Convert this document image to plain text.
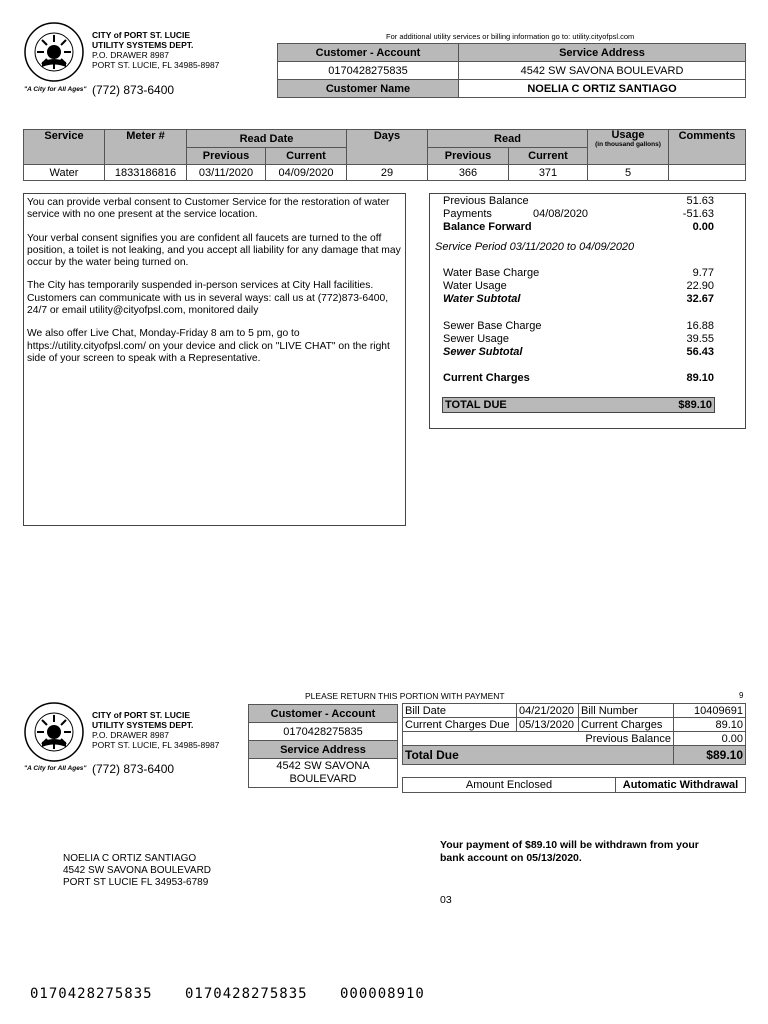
CITY of PORT ST. LUCIE
UTILITY SYSTEMS DEPT.
P.O. DRAWER 8987
PORT ST. LUCIE, FL 34985-8987
"A City for All Ages" (772) 873-6400
For additional utility services or billing information go to: utility.cityofpsl.com
Customer - Account	Service Address
0170428275835	4542 SW SAVONA BOULEVARD
Customer Name	NOELIA C ORTIZ SANTIAGO
Service	Meter #	Read Date		Days	Read		Usage
(in thousand gallons)	Comments
		Previous	Current		Previous	Current		
Water	1833186816	03/11/2020	04/09/2020	29	366	371	5	

You can provide verbal consent to Customer Service for the restoration of water service with no one present at the service location.

Your verbal consent signifies you are confident all faucets are turned to the off position, a toilet is not leaking, and you accept all liability for any damage that may occur by the water being turned on.

The City has temporarily suspended in-person services at City Hall facilities. Customers can communicate with us in several ways: call us at (772)873-6400, 24/7 or email utility@cityofpsl.com, monitored daily

We also offer Live Chat, Monday-Friday 8 am to 5 pm, go to https://utility.cityofpsl.com/ on your device and click on "LIVE CHAT" on the right side of your screen to speak with a Representative.

Previous Balance	51.63
Payments	04/08/2020	-51.63
Balance Forward	0.00
Service Period 03/11/2020 to 04/09/2020
Water Base Charge	9.77
Water Usage	22.90
Water Subtotal	32.67
Sewer Base Charge	16.88
Sewer Usage	39.55
Sewer Subtotal	56.43
Current Charges	89.10
TOTAL DUE	$89.10
PLEASE RETURN THIS PORTION WITH PAYMENT	9
CITY of PORT ST. LUCIE
UTILITY SYSTEMS DEPT.
P.O. DRAWER 8987
PORT ST. LUCIE, FL 34985-8987
"A City for All Ages" (772) 873-6400
Customer - Account
0170428275835
Service Address
4542 SW SAVONA BOULEVARD
Bill Date	04/21/2020	Bill Number	10409691
Current Charges Due	05/13/2020	Current Charges	89.10
Previous Balance			0.00
Total Due			$89.10
Amount Enclosed	Automatic Withdrawal
NOELIA C ORTIZ SANTIAGO
4542 SW SAVONA BOULEVARD
PORT ST LUCIE FL 34953-6789
Your payment of $89.10 will be withdrawn from your
bank account on 05/13/2020.
03
0170428275835 0170428275835 000008910
